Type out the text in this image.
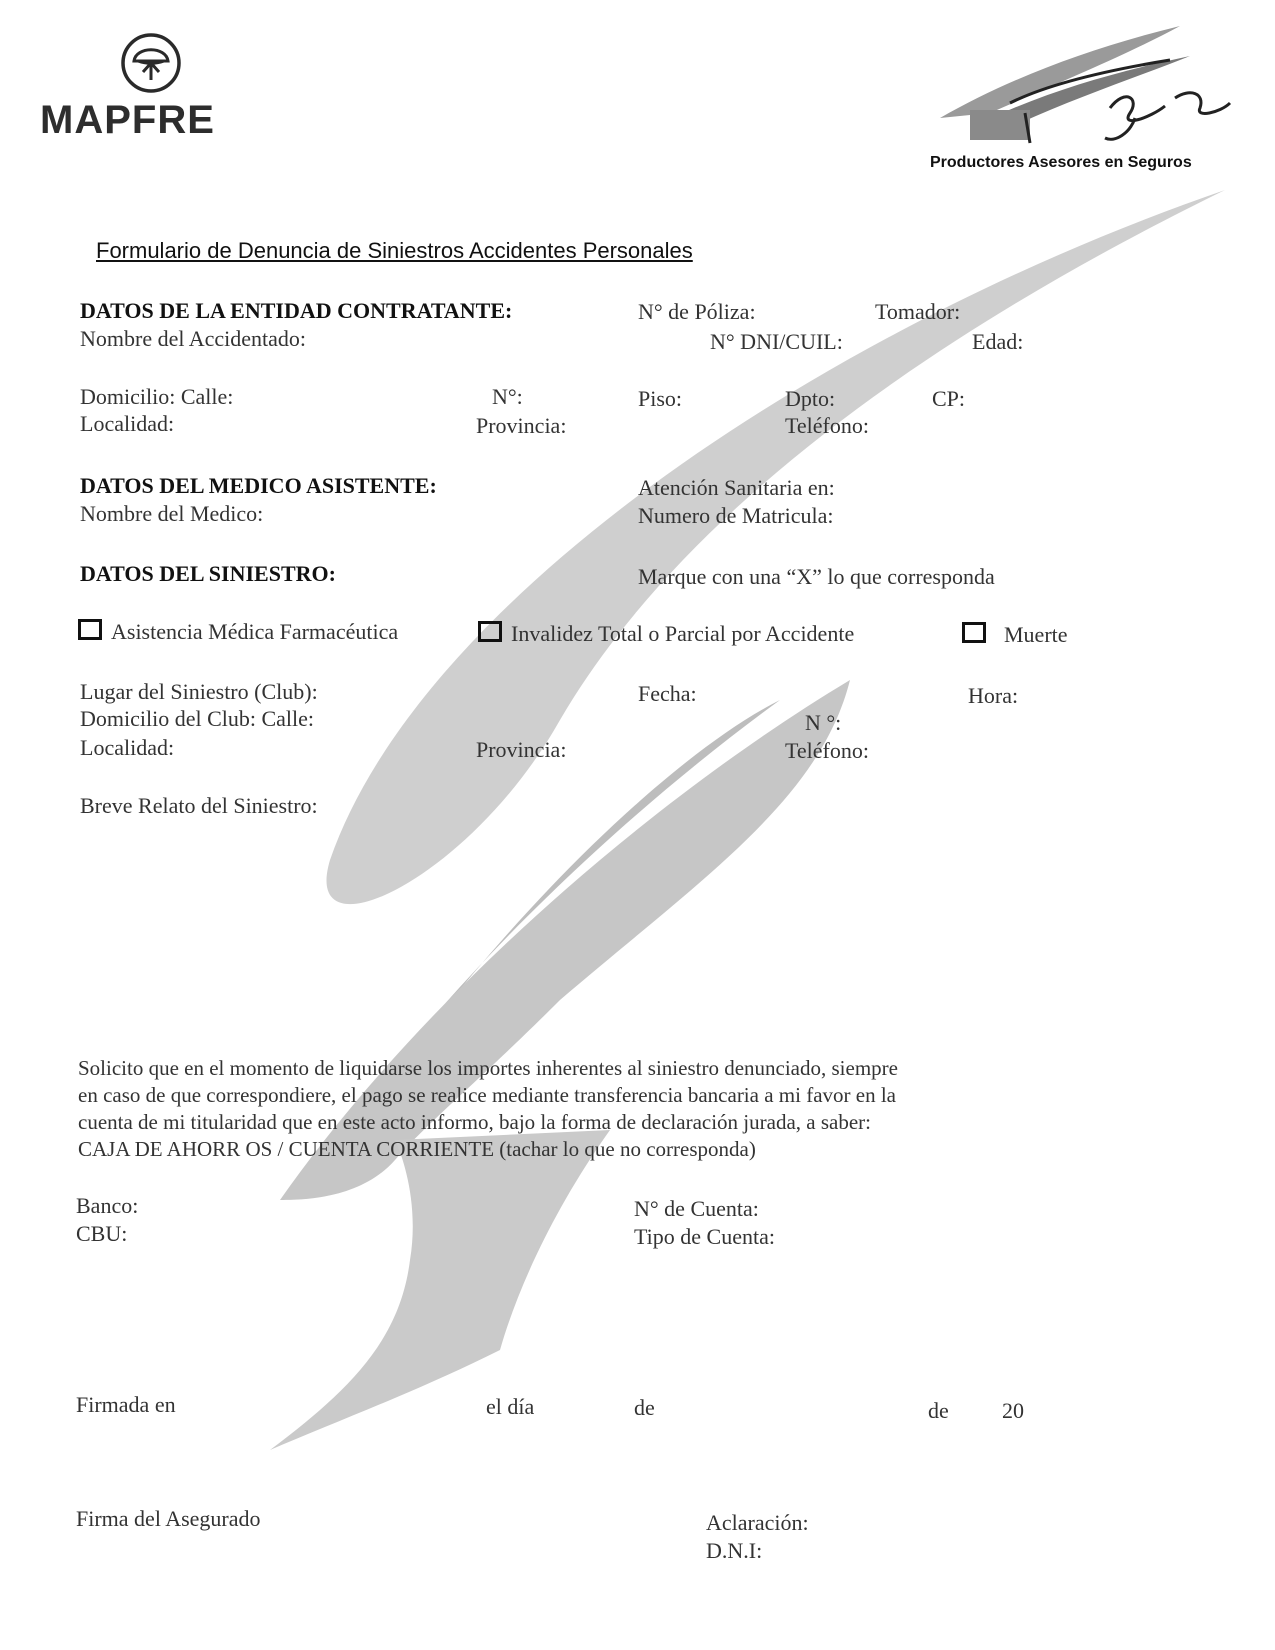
MAPFRE
Productores Asesores en Seguros
Formulario de Denuncia de Siniestros Accidentes Personales
DATOS DE LA ENTIDAD CONTRATANTE:	N° de Póliza:	Tomador:
Nombre del Accidentado:	N° DNI/CUIL:	Edad:
Domicilio: Calle:	N°:	Piso:	Dpto:	CP:
Localidad:	Provincia:	Teléfono:
DATOS DEL MEDICO ASISTENTE:	Atención Sanitaria en:
Nombre del Medico:	Numero de Matricula:
DATOS DEL SINIESTRO:	Marque con una “X” lo que corresponda
Asistencia Médica Farmacéutica	Invalidez Total o Parcial por Accidente	Muerte
Lugar del Siniestro (Club):	Fecha:	Hora:
Domicilio del Club: Calle:	N °:
Localidad:	Provincia:	Teléfono:
Breve Relato del Siniestro:
Solicito que en el momento de liquidarse los importes inherentes al siniestro denunciado, siempre
en caso de que correspondiere, el pago se realice mediante transferencia bancaria a mi favor en la
cuenta de mi titularidad que en este acto informo, bajo la forma de declaración jurada, a saber:
CAJA DE AHORR OS / CUENTA CORRIENTE (tachar lo que no corresponda)
Banco:	N° de Cuenta:
CBU:	Tipo de Cuenta:
Firmada en	el día	de	de 20
Firma del Asegurado	Aclaración:
D.N.I:
